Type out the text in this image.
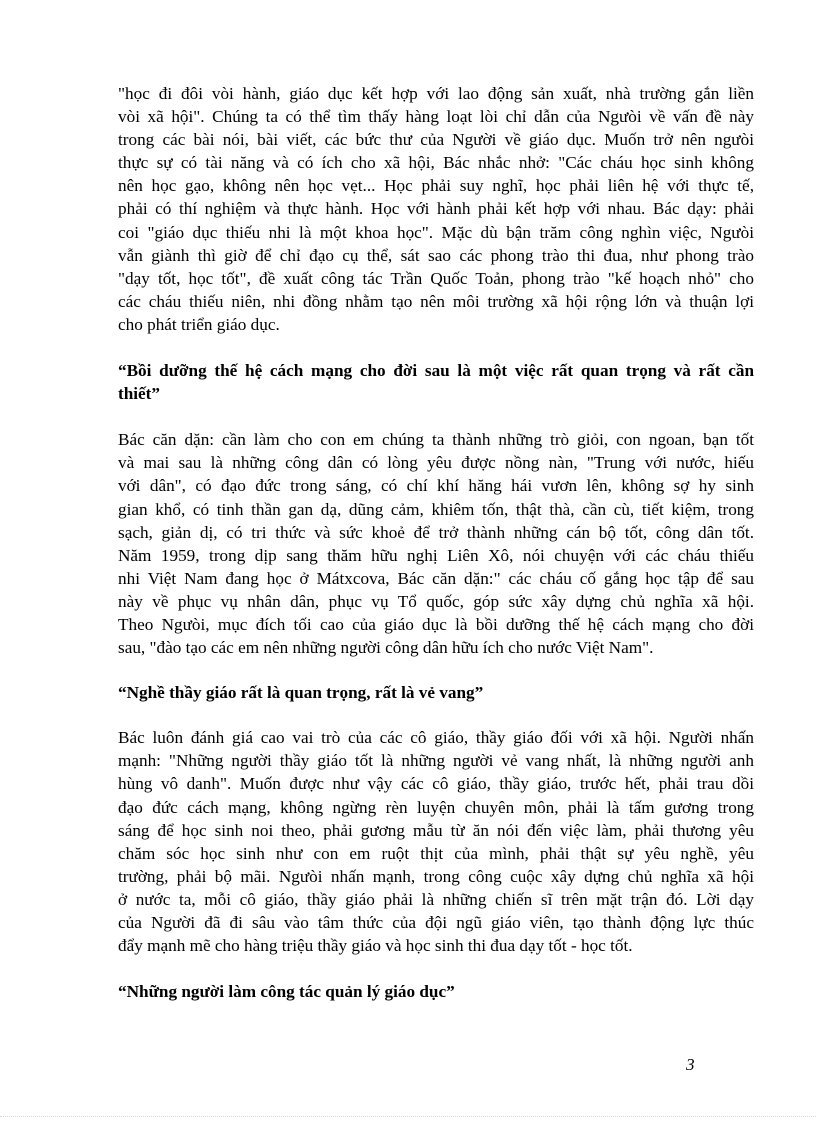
"học đi đôi vòi hành, giáo dục kết hợp với lao động sản xuất, nhà trường gắn liền
vòi xã hội". Chúng ta có thể tìm thấy hàng loạt lòi chỉ dẫn của Ngưòi về vấn đề này
trong các bài nói, bài viết, các bức thư của Người về giáo dục. Muốn trở nên ngưòi
thực sự có tài năng và có ích cho xã hội, Bác nhắc nhở: "Các cháu học sinh không
nên học gạo, không nên học vẹt... Học phải suy nghĩ, học phải liên hệ với thực tế,
phải có thí nghiệm và thực hành. Học với hành phải kết hợp với nhau. Bác dạy: phải
coi "giáo dục thiếu nhi là một khoa học". Mặc dù bận trăm công nghìn việc, Ngưòi
vẫn giành thì giờ để chỉ đạo cụ thể, sát sao các phong trào thi đua, như phong trào
"dạy tốt, học tốt", đề xuất công tác Trần Quốc Toản, phong trào "kế hoạch nhỏ" cho
các cháu thiếu niên, nhi đồng nhằm tạo nên môi trường xã hội rộng lớn và thuận lợi
cho phát triển giáo dục.
“Bồi dưỡng thế hệ cách mạng cho đời sau là một việc rất quan trọng và rất cần
thiết”
Bác căn dặn: cần làm cho con em chúng ta thành những trò giỏi, con ngoan, bạn tốt
và mai sau là những công dân có lòng yêu được nồng nàn, "Trung với nước, hiếu
với dân", có đạo đức trong sáng, có chí khí hăng hái vươn lên, không sợ hy sinh
gian khổ, có tinh thần gan dạ, dũng cảm, khiêm tốn, thật thà, cần cù, tiết kiệm, trong
sạch, giản dị, có tri thức và sức khoẻ để trở thành những cán bộ tốt, công dân tốt.
Năm 1959, trong dịp sang thăm hữu nghị Liên Xô, nói chuyện với các cháu thiếu
nhi Việt Nam đang học ở Mátxcova, Bác căn dặn:" các cháu cố gắng học tập để sau
này về phục vụ nhân dân, phục vụ Tổ quốc, góp sức xây dựng chủ nghĩa xã hội.
Theo Ngưòi, mục đích tối cao của giáo dục là bồi dưỡng thế hệ cách mạng cho đời
sau, "đào tạo các em nên những người công dân hữu ích cho nước Việt Nam".
“Nghề thầy giáo rất là quan trọng, rất là vẻ vang”
Bác luôn đánh giá cao vai trò của các cô giáo, thầy giáo đối với xã hội. Người nhấn
mạnh: "Những người thầy giáo tốt là những người vẻ vang nhất, là những người anh
hùng vô danh". Muốn được như vậy các cô giáo, thầy giáo, trước hết, phải trau dồi
đạo đức cách mạng, không ngừng rèn luyện chuyên môn, phải là tấm gương trong
sáng để học sinh noi theo, phải gương mẫu từ ăn nói đến việc làm, phải thương yêu
chăm sóc học sinh như con em ruột thịt của mình, phải thật sự yêu nghề, yêu
trường, phải bộ mãi. Ngưòi nhấn mạnh, trong công cuộc xây dựng chủ nghĩa xã hội
ở nước ta, mỗi cô giáo, thầy giáo phải là những chiến sĩ trên mặt trận đó. Lời dạy
của Người đã đi sâu vào tâm thức của đội ngũ giáo viên, tạo thành động lực thúc
đẩy mạnh mẽ cho hàng triệu thầy giáo và học sinh thi đua dạy tốt - học tốt.
“Những người làm công tác quản lý giáo dục”
3
